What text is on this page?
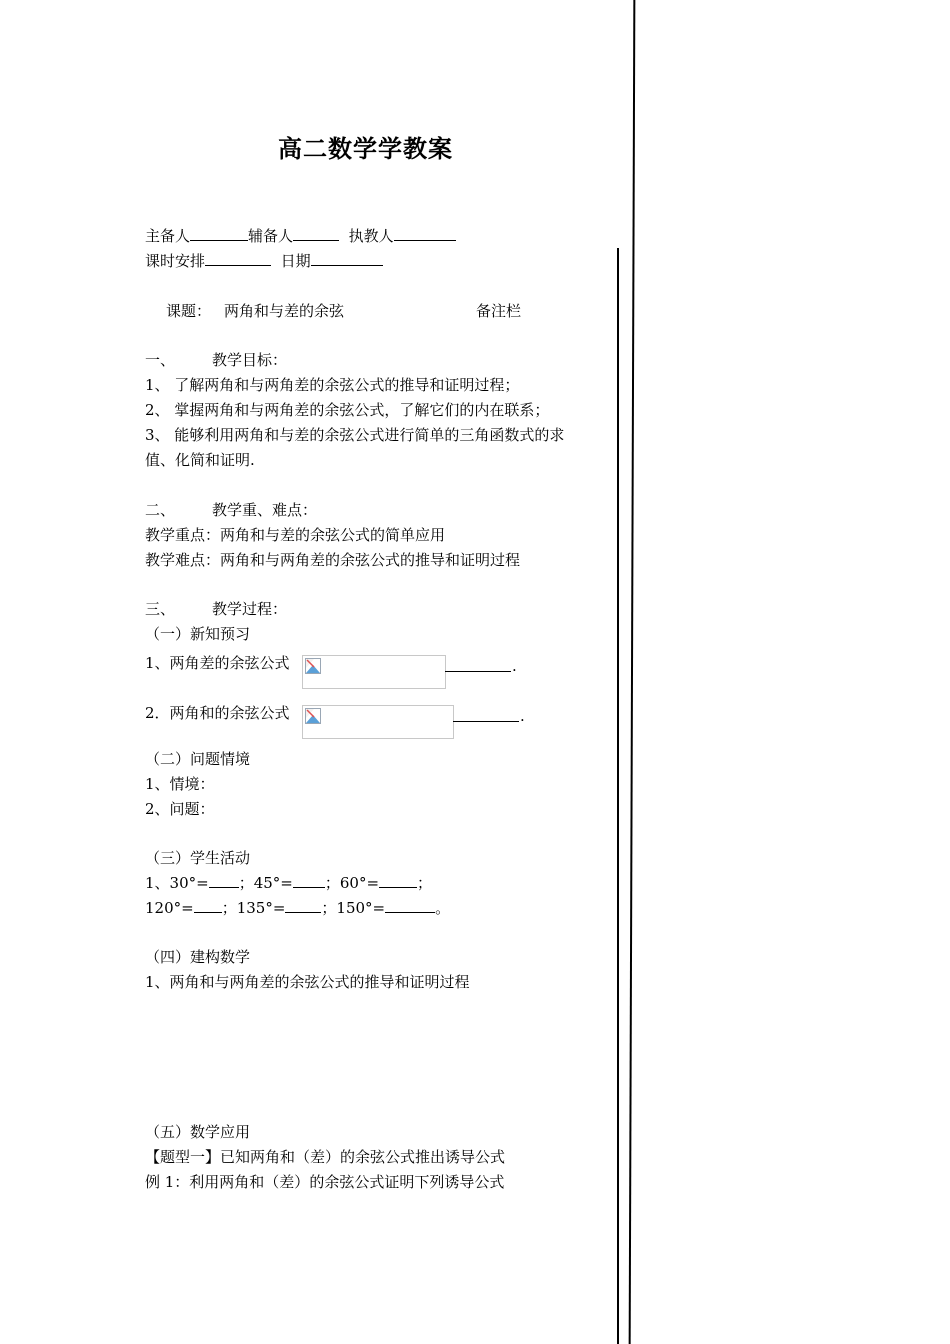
高二数学学教案
主备人	辅备人	执教人
课时安排	日期
课题： 两角和与差的余弦	备注栏
一、 教学目标：
1、 了解两角和与两角差的余弦公式的推导和证明过程；
2、 掌握两角和与两角差的余弦公式，了解它们的内在联系；
3、 能够利用两角和与差的余弦公式进行简单的三角函数式的求
值、化简和证明.
二、 教学重、难点：
教学重点：两角和与差的余弦公式的简单应用
教学难点：两角和与两角差的余弦公式的推导和证明过程
三、 教学过程：
（一）新知预习
1、两角差的余弦公式	.
2．两角和的余弦公式	.
（二）问题情境
1、情境：
2、问题：
（三）学生活动
1、30°= ；45°= ；60°=	；
120°= ；135°= ；150°=	。
（四）建构数学
1、两角和与两角差的余弦公式的推导和证明过程
（五）数学应用
【题型一】已知两角和（差）的余弦公式推出诱导公式
例 1：利用两角和（差）的余弦公式证明下列诱导公式
